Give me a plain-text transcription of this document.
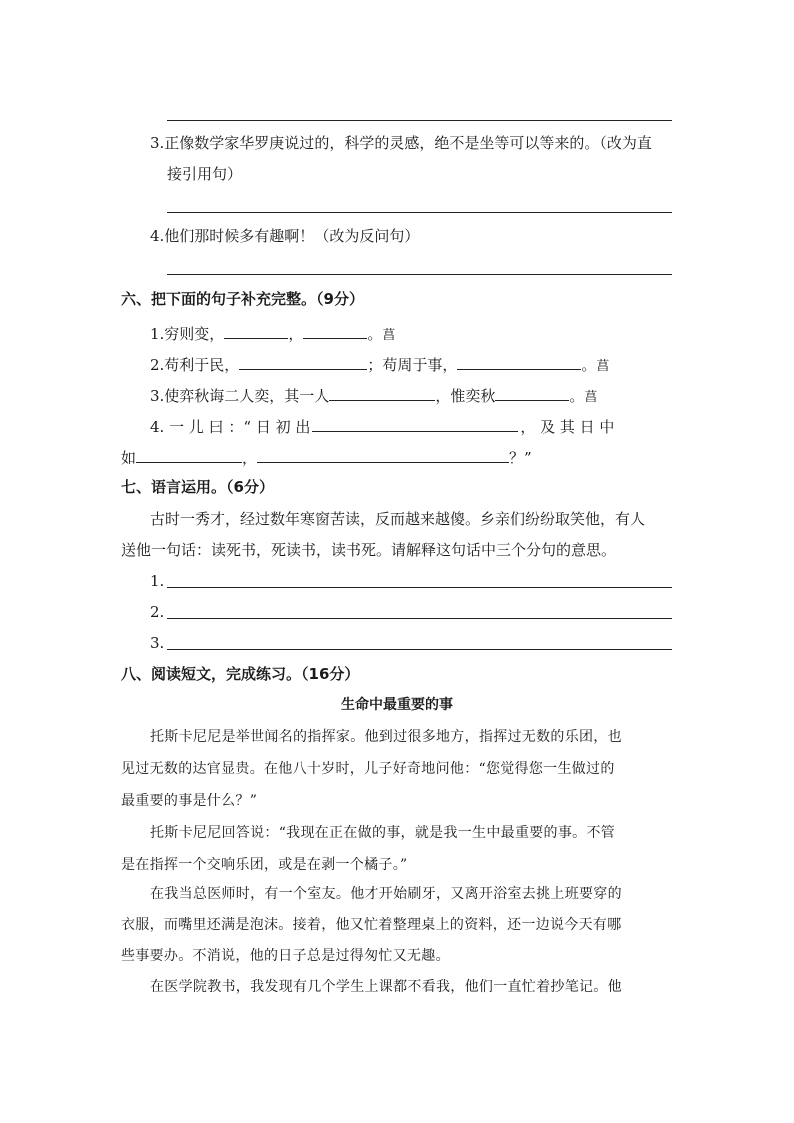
3.正像数学家华罗庚说过的，科学的灵感，绝不是坐等可以等来的。（改为直
接引用句）
4.他们那时候多有趣啊！（改为反问句）
六、把下面的句子补充完整。（9分）
1.穷则变，	，	。菖
2.苟利于民，	；苟周于事，	。菖
3.使弈秋诲二人奕，其一人	，惟奕秋	。菖
4. 一 儿 曰 ：“ 日 初 出	， 及 其 日 中
如	，	？”
七、语言运用。（6分）
古时一秀才，经过数年寒窗苦读，反而越来越傻。乡亲们纷纷取笑他，有人
送他一句话：读死书，死读书，读书死。请解释这句话中三个分句的意思。
1.
2.
3.
八、阅读短文，完成练习。（16分）
生命中最重要的事
托斯卡尼尼是举世闻名的指挥家。他到过很多地方，指挥过无数的乐团，也
见过无数的达官显贵。在他八十岁时，儿子好奇地问他：“您觉得您一生做过的
最重要的事是什么？”
托斯卡尼尼回答说：“我现在正在做的事，就是我一生中最重要的事。不管
是在指挥一个交响乐团，或是在剥一个橘子。”
在我当总医师时，有一个室友。他才开始刷牙，又离开浴室去挑上班要穿的
衣服，而嘴里还满是泡沫。接着，他又忙着整理桌上的资料，还一边说今天有哪
些事要办。不消说，他的日子总是过得匆忙又无趣。
在医学院教书，我发现有几个学生上课都不看我，他们一直忙着抄笔记。他
